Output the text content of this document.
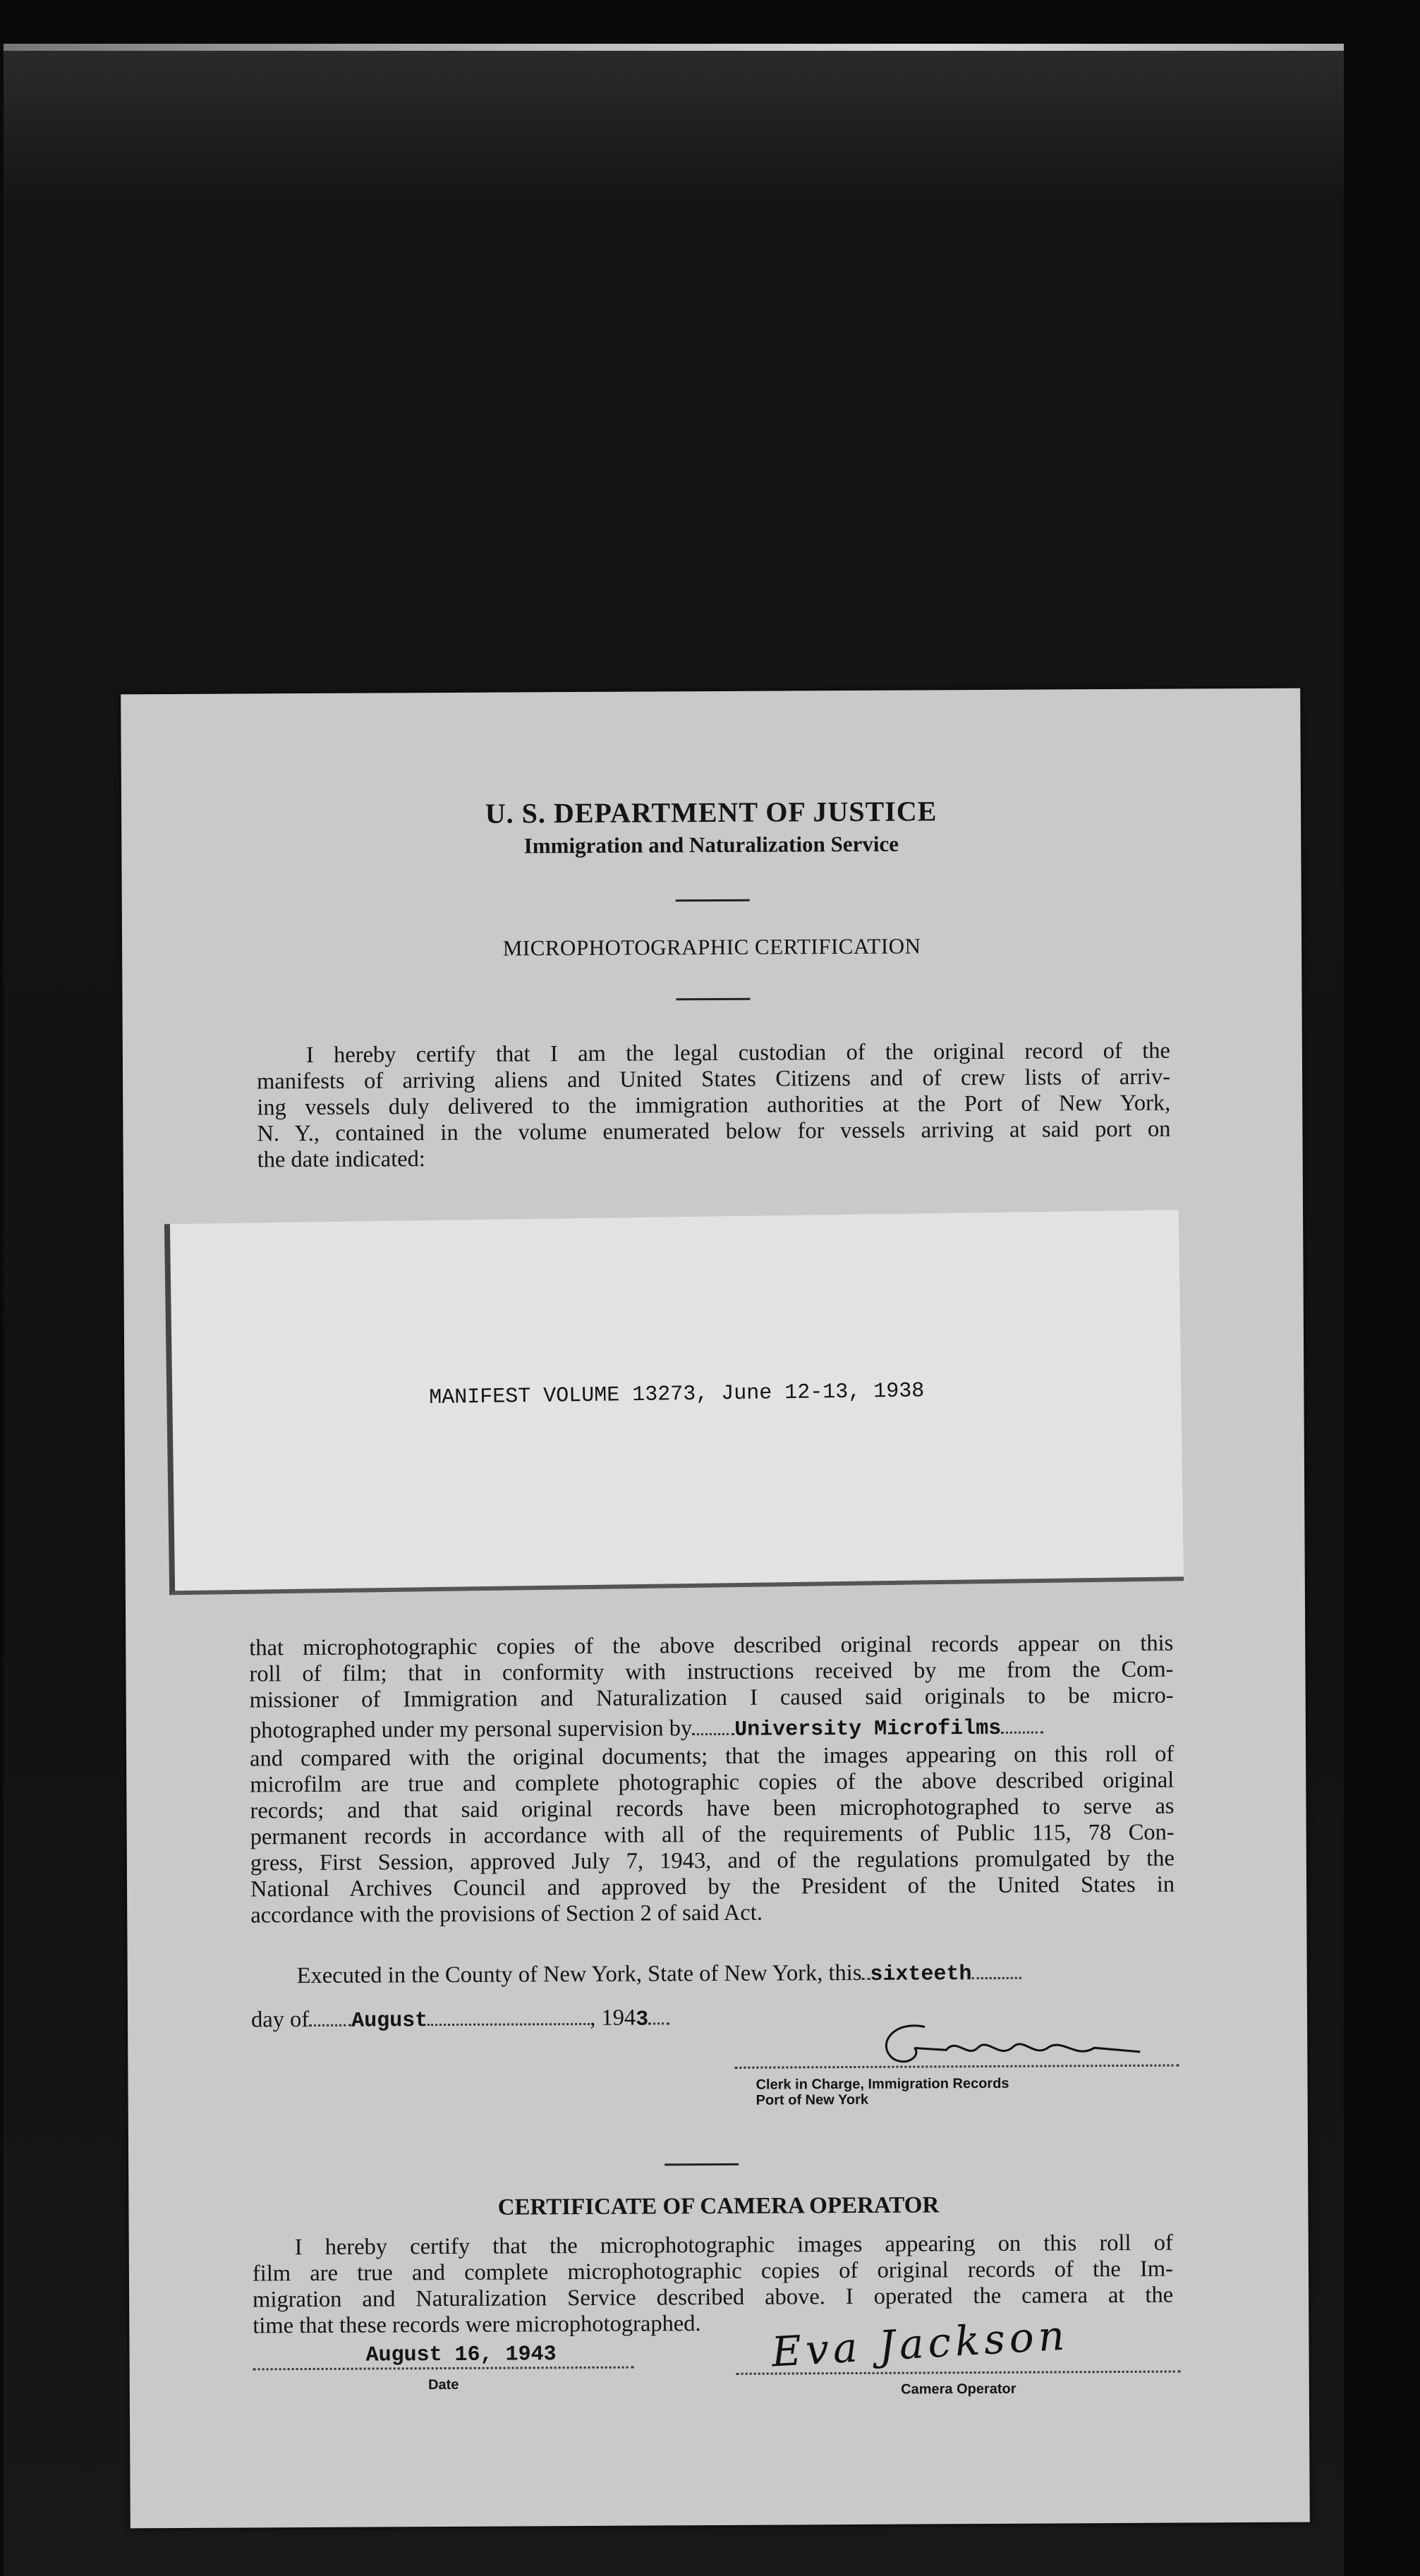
U. S. DEPARTMENT OF JUSTICE
Immigration and Naturalization Service
MICROPHOTOGRAPHIC CERTIFICATION
I hereby certify that I am the legal custodian of the original record of the
manifests of arriving aliens and United States Citizens and of crew lists of arriv-
ing vessels duly delivered to the immigration authorities at the Port of New York,
N. Y., contained in the volume enumerated below for vessels arriving at said port on
the date indicated:
MANIFEST VOLUME 13273, June 12-13, 1938
that microphotographic copies of the above described original records appear on this
roll of film; that in conformity with instructions received by me from the Com-
missioner of Immigration and Naturalization I caused said originals to be micro-
photographed under my personal supervision by University Microfilms
and compared with the original documents; that the images appearing on this roll of
microfilm are true and complete photographic copies of the above described original
records; and that said original records have been microphotographed to serve as
permanent records in accordance with all of the requirements of Public 115, 78 Con-
gress, First Session, approved July 7, 1943, and of the regulations promulgated by the
National Archives Council and approved by the President of the United States in
accordance with the provisions of Section 2 of said Act.
Executed in the County of New York, State of New York, this sixteeth
day of August	, 1943
Clerk in Charge, Immigration Records
Port of New York
CERTIFICATE OF CAMERA OPERATOR
I hereby certify that the microphotographic images appearing on this roll of
film are true and complete microphotographic copies of original records of the Im-
migration and Naturalization Service described above. I operated the camera at the
time that these records were microphotographed.
August 16, 1943
Date
Eva Jackson
Camera Operator
